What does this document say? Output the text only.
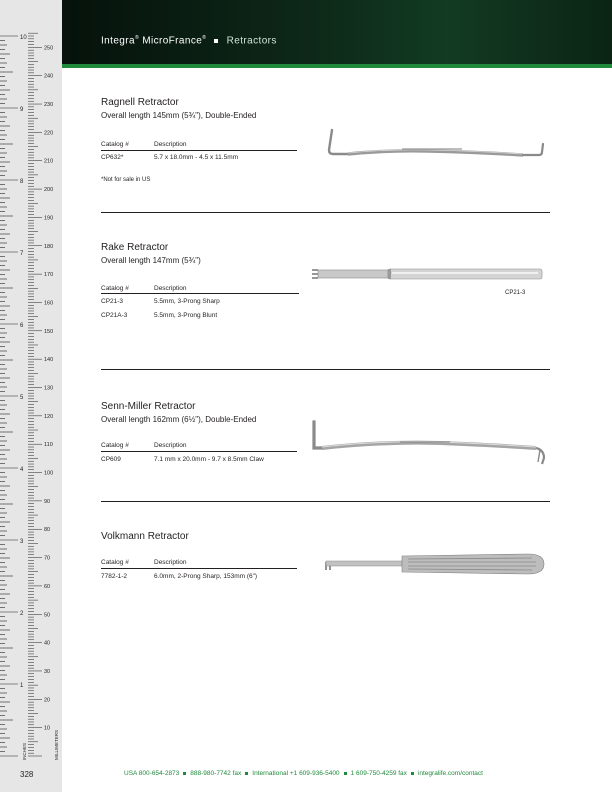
10
9
8
7
6
5
4
3
2
1
250
240
230
220
210
200
190
180
170
160
150
140
130
120
110
100
90
80
70
60
50
40
30
20
10
INCHES	MILLIMETERS
328
Integra® MicroFrance® Retractors

Ragnell Retractor

Overall length 145mm (5¾"), Double-Ended

Catalog #	Description
CP632*	5.7 x 18.0mm - 4.5 x 11.5mm
*Not for sale in US

Rake Retractor

Overall length 147mm (5¾")

Catalog #	Description
CP21-3	5.5mm, 3-Prong Sharp
CP21A-3	5.5mm, 3-Prong Blunt
CP21-3

Senn-Miller Retractor

Overall length 162mm (6½"), Double-Ended

Catalog #	Description
CP609	7.1 mm x 20.0mm - 9.7 x 8.5mm Claw

Volkmann Retractor

Catalog #	Description
7782-1-2	6.0mm, 2-Prong Sharp, 153mm (6")
USA 800-654-2873 888-980-7742 fax International +1 609-936-5400 1 609-750-4259 fax integralife.com/contact
